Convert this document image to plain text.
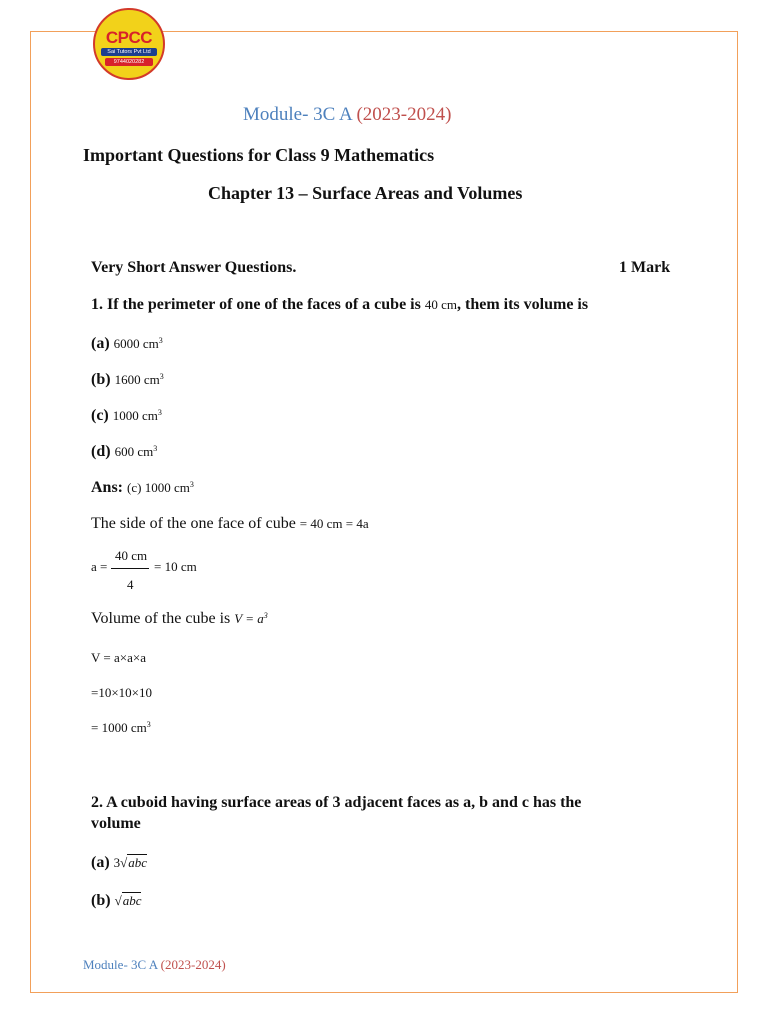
CPCC
Sai Tutors Pvt Ltd
9744020282
Module- 3C A (2023-2024)
Important Questions for Class 9 Mathematics
Chapter 13 – Surface Areas and Volumes
Very Short Answer Questions.	1 Mark
1. If the perimeter of one of the faces of a cube is 40 cm, them its volume is
(a) 6000 $cm^3$
(b) 1600 $cm^3$
(c) 1000 $cm^3$
(d) 600 $cm^3$
Ans: (c) 1000 $cm^3$
The side of the one face of cube = 40 cm = 4a
a =
40 cm
4
= 10 cm
Volume of the cube is $V = a^3$
V = a×a×a
=10×10×10
= 1000 $cm^3$
2. A cuboid having surface areas of 3 adjacent faces as a, b and c has the
volume
(a) 3√abc
(b) √abc
Module- 3C A (2023-2024)
